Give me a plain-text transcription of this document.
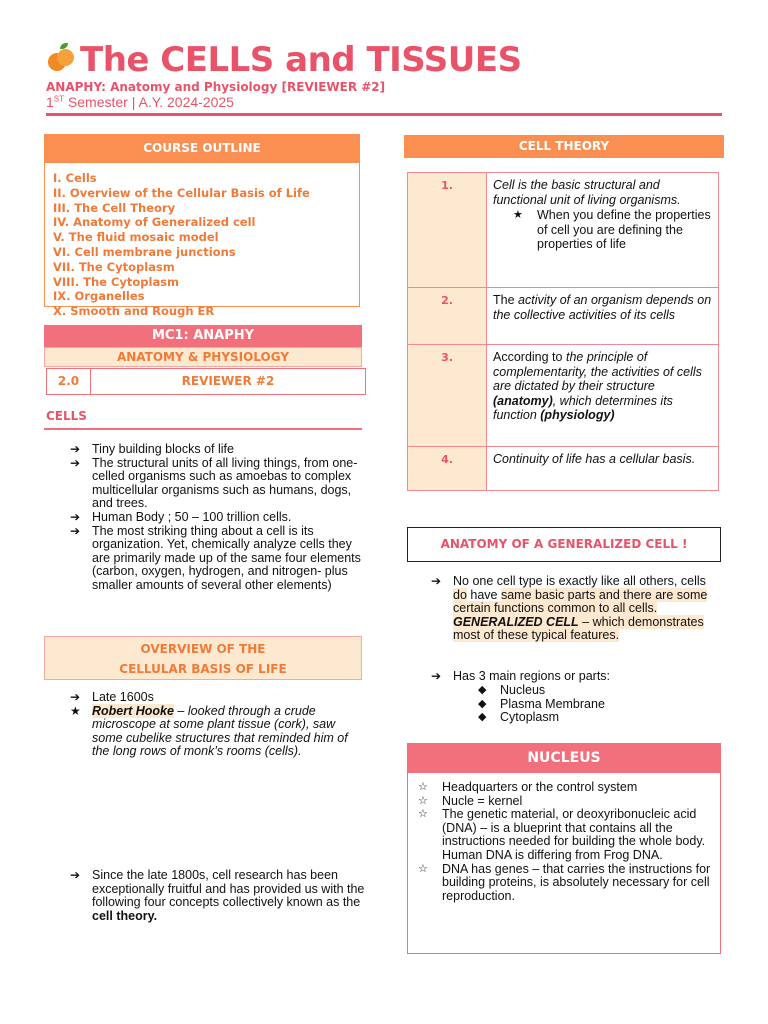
The CELLS and TISSUES
ANAPHY: Anatomy and Physiology [REVIEWER #2]
1ST Semester | A.Y. 2024-2025
COURSE OUTLINE
I. Cells
II. Overview of the Cellular Basis of Life
III. The Cell Theory
IV. Anatomy of Generalized cell
V. The fluid mosaic model
VI. Cell membrane junctions
VII. The Cytoplasm
VIII. The Cytoplasm
IX. Organelles
X. Smooth and Rough ER
MC1: ANAPHY
ANATOMY & PHYSIOLOGY
2.0	REVIEWER #2
CELLS
➔ Tiny building blocks of life
➔ The structural units of all living things, from one-celled organisms such as amoebas to complex multicellular organisms such as humans, dogs, and trees.
➔ Human Body ; 50 – 100 trillion cells.
➔ The most striking thing about a cell is its organization. Yet, chemically analyze cells they are primarily made up of the same four elements (carbon, oxygen, hydrogen, and nitrogen- plus smaller amounts of several other elements)
OVERVIEW OF THE
CELLULAR BASIS OF LIFE
➔ Late 1600s
★ Robert Hooke – looked through a crude microscope at some plant tissue (cork), saw some cubelike structures that reminded him of the long rows of monk’s rooms (cells).
➔ Since the late 1800s, cell research has been exceptionally fruitful and has provided us with the following four concepts collectively known as the cell theory.
CELL THEORY
1.	Cell is the basic structural and functional unit of living organisms.
★ When you define the properties of cell you are defining the properties of life

2.	The activity of an organism depends on the collective activities of its cells
3.	According to the principle of complementarity, the activities of cells are dictated by their structure (anatomy), which determines its function (physiology)
4.	Continuity of life has a cellular basis.
ANATOMY OF A GENERALIZED CELL !
➔ No one cell type is exactly like all others, cells do have same basic parts and there are some certain functions common to all cells. GENERALIZED CELL – which demonstrates most of these typical features.
➔ Has 3 main regions or parts:
◆ Nucleus
◆ Plasma Membrane
◆ Cytoplasm
NUCLEUS
☆ Headquarters or the control system
☆ Nucle = kernel
☆ The genetic material, or deoxyribonucleic acid (DNA) – is a blueprint that contains all the instructions needed for building the whole body. Human DNA is differing from Frog DNA.
☆ DNA has genes – that carries the instructions for building proteins, is absolutely necessary for cell reproduction.
